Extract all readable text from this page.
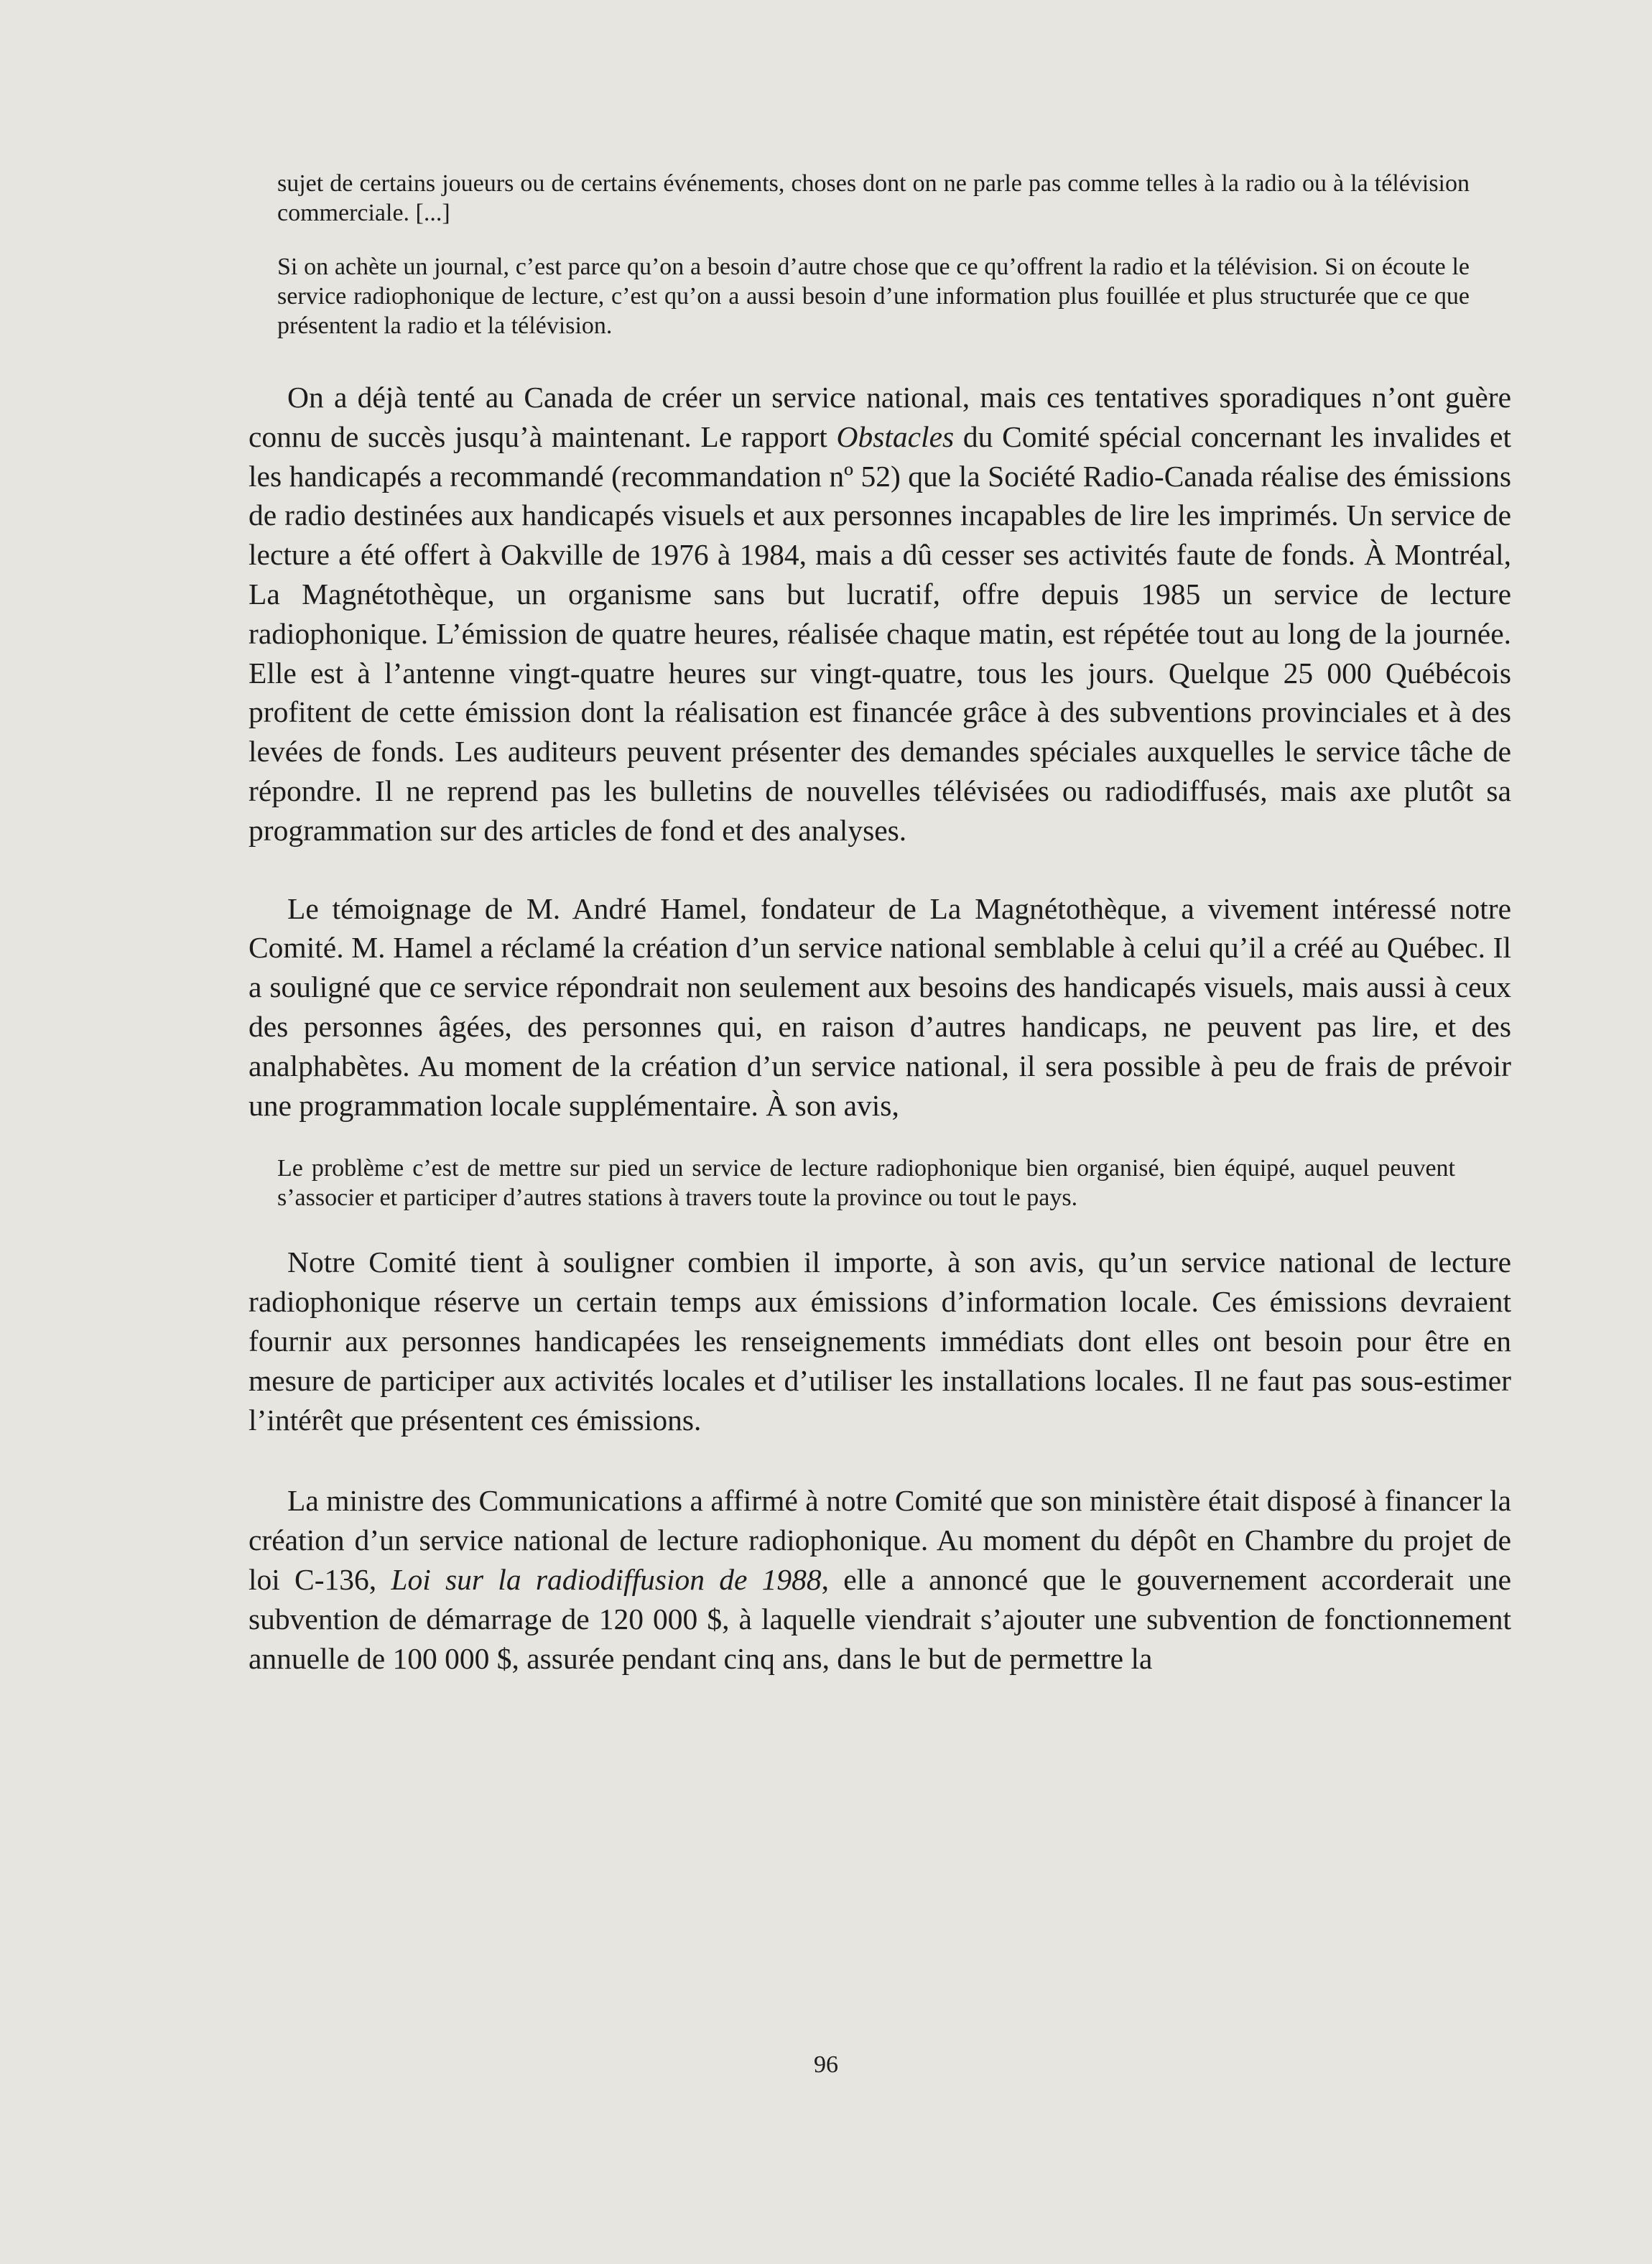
sujet de certains joueurs ou de certains événements, choses dont on ne parle pas comme telles à la radio ou à la télévision commerciale. [...]

Si on achète un journal, c’est parce qu’on a besoin d’autre chose que ce qu’offrent la radio et la télévision. Si on écoute le service radiophonique de lecture, c’est qu’on a aussi besoin d’une information plus fouillée et plus structurée que ce que présentent la radio et la télévision.

On a déjà tenté au Canada de créer un service national, mais ces tentatives sporadiques n’ont guère connu de succès jusqu’à maintenant. Le rapport Obstacles du Comité spécial concernant les invalides et les handicapés a recommandé (recommandation nº 52) que la Société Radio-Canada réalise des émissions de radio destinées aux handicapés visuels et aux personnes incapables de lire les imprimés. Un service de lecture a été offert à Oakville de 1976 à 1984, mais a dû cesser ses activités faute de fonds. À Montréal, La Magnétothèque, un organisme sans but lucratif, offre depuis 1985 un service de lecture radiophonique. L’émission de quatre heures, réalisée chaque matin, est répétée tout au long de la journée. Elle est à l’antenne vingt-quatre heures sur vingt-quatre, tous les jours. Quelque 25 000 Québécois profitent de cette émission dont la réalisation est financée grâce à des subventions provinciales et à des levées de fonds. Les auditeurs peuvent présenter des demandes spéciales auxquelles le service tâche de répondre. Il ne reprend pas les bulletins de nouvelles télévisées ou radiodiffusés, mais axe plutôt sa programmation sur des articles de fond et des analyses.

Le témoignage de M. André Hamel, fondateur de La Magnétothèque, a vivement intéressé notre Comité. M. Hamel a réclamé la création d’un service national semblable à celui qu’il a créé au Québec. Il a souligné que ce service répondrait non seulement aux besoins des handicapés visuels, mais aussi à ceux des personnes âgées, des personnes qui, en raison d’autres handicaps, ne peuvent pas lire, et des analphabètes. Au moment de la création d’un service national, il sera possible à peu de frais de prévoir une programmation locale supplémentaire. À son avis,

Le problème c’est de mettre sur pied un service de lecture radiophonique bien organisé, bien équipé, auquel peuvent s’associer et participer d’autres stations à travers toute la province ou tout le pays.

Notre Comité tient à souligner combien il importe, à son avis, qu’un service national de lecture radiophonique réserve un certain temps aux émissions d’information locale. Ces émissions devraient fournir aux personnes handicapées les renseignements immédiats dont elles ont besoin pour être en mesure de participer aux activités locales et d’utiliser les installations locales. Il ne faut pas sous-estimer l’intérêt que présentent ces émissions.

La ministre des Communications a affirmé à notre Comité que son ministère était disposé à financer la création d’un service national de lecture radiophonique. Au moment du dépôt en Chambre du projet de loi C-136, Loi sur la radiodiffusion de 1988, elle a annoncé que le gouvernement accorderait une subvention de démarrage de 120 000 $, à laquelle viendrait s’ajouter une subvention de fonctionnement annuelle de 100 000 $, assurée pendant cinq ans, dans le but de permettre la

96
